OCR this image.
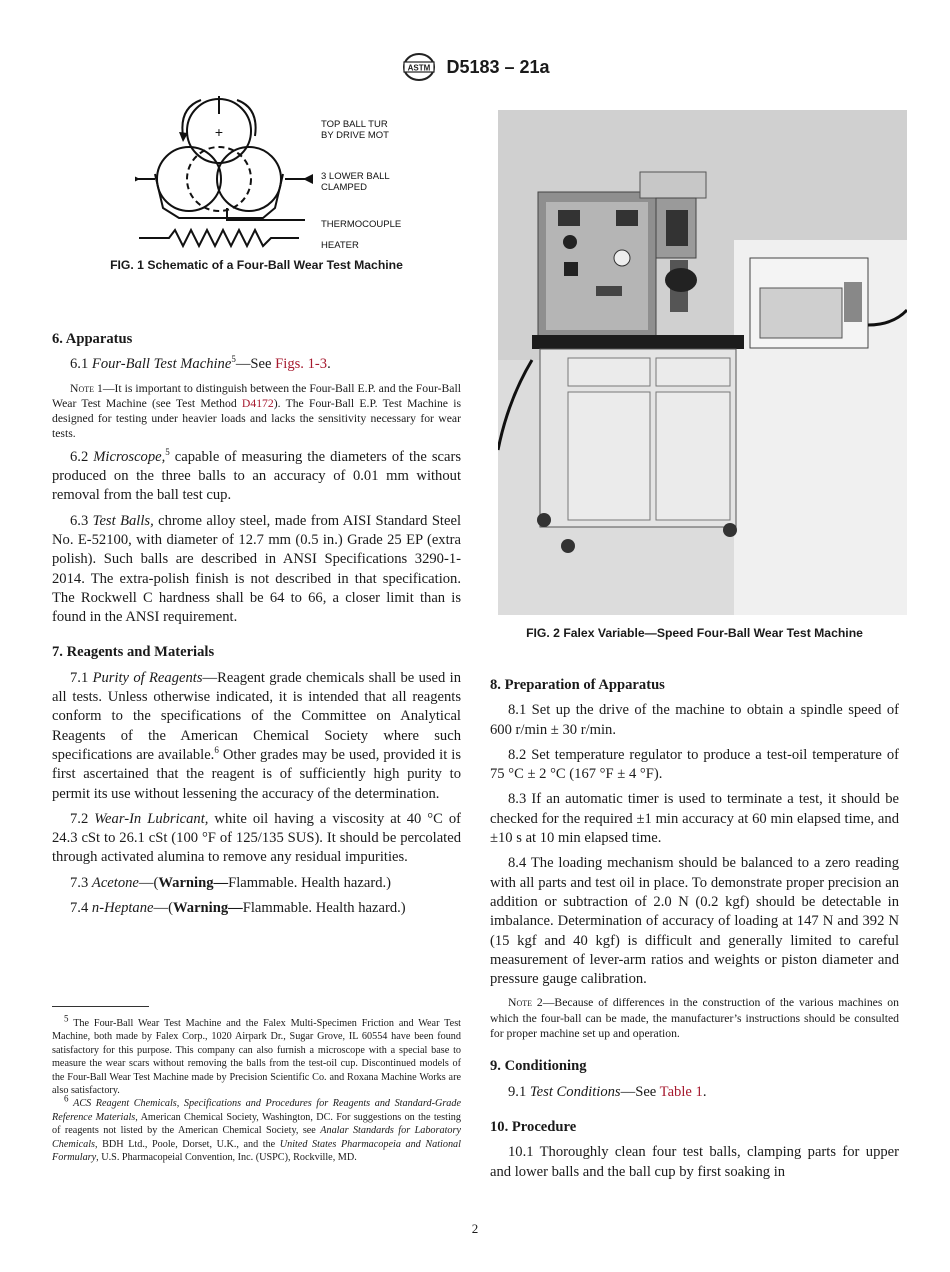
ASTM D5183 – 21a
+	TOP BALL TUR
BY DRIVE MOT
3 LOWER BALL
CLAMPED
THERMOCOUPLE
HEATER
FIG. 1 Schematic of a Four-Ball Wear Test Machine
FIG. 2 Falex Variable—Speed Four-Ball Wear Test Machine
6. Apparatus

6.1 Four-Ball Test Machine$^5$—See Figs. 1-3.

Note 1—It is important to distinguish between the Four-Ball E.P. and the Four-Ball Wear Test Machine (see Test Method D4172). The Four-Ball E.P. Test Machine is designed for testing under heavier loads and lacks the sensitivity necessary for wear tests.

6.2 Microscope,$^5$ capable of measuring the diameters of the scars produced on the three balls to an accuracy of 0.01 mm without removal from the ball test cup.

6.3 Test Balls, chrome alloy steel, made from AISI Standard Steel No. E-52100, with diameter of 12.7 mm (0.5 in.) Grade 25 EP (extra polish). Such balls are described in ANSI Specifications 3290-1-2014. The extra-polish finish is not described in that specification. The Rockwell C hardness shall be 64 to 66, a closer limit than is found in the ANSI requirement.

7. Reagents and Materials

7.1 Purity of Reagents—Reagent grade chemicals shall be used in all tests. Unless otherwise indicated, it is intended that all reagents conform to the specifications of the Committee on Analytical Reagents of the American Chemical Society where such specifications are available.$^6$ Other grades may be used, provided it is first ascertained that the reagent is of sufficiently high purity to permit its use without lessening the accuracy of the determination.

7.2 Wear-In Lubricant, white oil having a viscosity at 40 °C of 24.3 cSt to 26.1 cSt (100 °F of 125/135 SUS). It should be percolated through activated alumina to remove any residual impurities.

7.3 Acetone—(Warning—Flammable. Health hazard.)

7.4 n-Heptane—(Warning—Flammable. Health hazard.)

$^5$ The Four-Ball Wear Test Machine and the Falex Multi-Specimen Friction and Wear Test Machine, both made by Falex Corp., 1020 Airpark Dr., Sugar Grove, IL 60554 have been found satisfactory for this purpose. This company can also furnish a microscope with a special base to measure the wear scars without removing the balls from the test-oil cup. Discontinued models of the Four-Ball Wear Test Machine made by Precision Scientific Co. and Roxana Machine Works are also satisfactory.

$^6$ ACS Reagent Chemicals, Specifications and Procedures for Reagents and Standard-Grade Reference Materials, American Chemical Society, Washington, DC. For suggestions on the testing of reagents not listed by the American Chemical Society, see Analar Standards for Laboratory Chemicals, BDH Ltd., Poole, Dorset, U.K., and the United States Pharmacopeia and National Formulary, U.S. Pharmacopeial Convention, Inc. (USPC), Rockville, MD.

8. Preparation of Apparatus

8.1 Set up the drive of the machine to obtain a spindle speed of 600 r/min ± 30 r/min.

8.2 Set temperature regulator to produce a test-oil temperature of 75 °C ± 2 °C (167 °F ± 4 °F).

8.3 If an automatic timer is used to terminate a test, it should be checked for the required ±1 min accuracy at 60 min elapsed time, and ±10 s at 10 min elapsed time.

8.4 The loading mechanism should be balanced to a zero reading with all parts and test oil in place. To demonstrate proper precision an addition or subtraction of 2.0 N (0.2 kgf) should be detectable in imbalance. Determination of accuracy of loading at 147 N and 392 N (15 kgf and 40 kgf) is difficult and generally limited to careful measurement of lever-arm ratios and weights or piston diameter and pressure gauge calibration.

Note 2—Because of differences in the construction of the various machines on which the four-ball can be made, the manufacturer’s instructions should be consulted for proper machine set up and operation.
9. Conditioning

9.1 Test Conditions—See Table 1.

10. Procedure

10.1 Thoroughly clean four test balls, clamping parts for upper and lower balls and the ball cup by first soaking in

2
